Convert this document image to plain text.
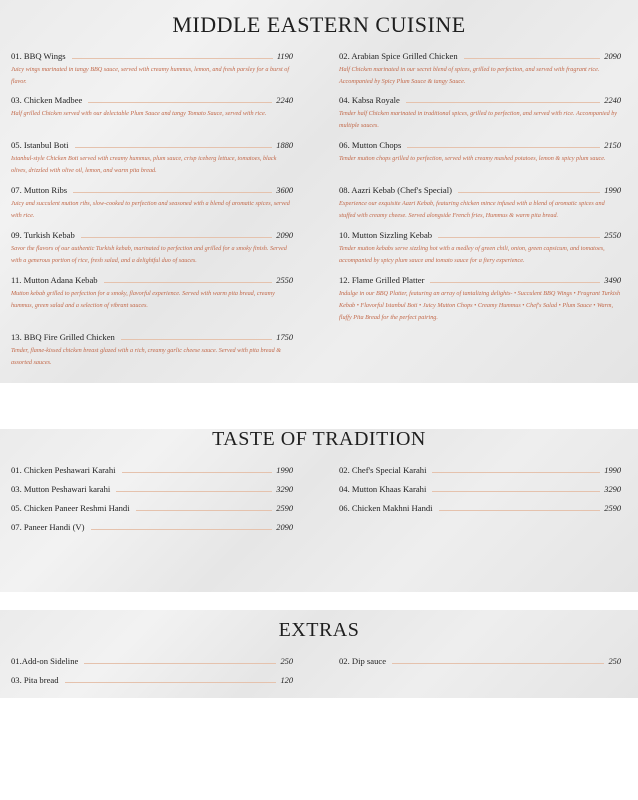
MIDDLE EASTERN CUISINE
01. BBQ Wings	1190
Juicy wings marinated in tangy BBQ sauce, served with creamy hummus, lemon, and fresh parsley for a burst of flavor.
03. Chicken Madbee	2240
Half grilled Chicken served with our delectable Plum Sauce and tangy Tomato Sauce, served with rice.
05. Istanbul Boti	1880
Istanbul-style Chicken Boti served with creamy hummus, plum sauce, crisp iceberg lettuce, tomatoes, black olives, drizzled with olive oil, lemon, and warm pita bread.
07. Mutton Ribs	3600
Juicy and succulent mutton ribs, slow-cooked to perfection and seasoned with a blend of aromatic spices, served with rice.
09. Turkish Kebab	2090
Savor the flavors of our authentic Turkish kebab, marinated to perfection and grilled for a smoky finish. Served with a generous portion of rice, fresh salad, and a delightful duo of sauces.
11. Mutton Adana Kebab	2550
Mutton kebab grilled to perfection for a smoky, flavorful experience. Served with warm pita bread, creamy hummus, green salad and a selection of vibrant sauces.
13. BBQ Fire Grilled Chicken	1750
Tender, flame-kissed chicken breast glazed with a rich, creamy garlic cheese sauce. Served with pita bread & assorted sauces.
02. Arabian Spice Grilled Chicken	2090
Half Chicken marinated in our secret blend of spices, grilled to perfection, and served with fragrant rice. Accompanied by Spicy Plum Sauce & tangy Sauce.
04. Kabsa Royale	2240
Tender half Chicken marinated in traditional spices, grilled to perfection, and served with rice. Accompanied by multiple sauces.
06. Mutton Chops	2150
Tender mutton chops grilled to perfection, served with creamy mashed potatoes, lemon & spicy plum sauce.
08. Aazri Kebab (Chef's Special)	1990
Experience our exquisite Aazri Kebab, featuring chicken mince infused with a blend of aromatic spices and stuffed with creamy cheese. Served alongside French fries, Hummus & warm pita bread.
10. Mutton Sizzling Kebab	2550
Tender mutton kebabs serve sizzling hot with a medley of green chili, onion, green capsicum, and tomatoes, accompanied by spicy plum sauce and tomato sauce for a fiery experience.
12. Flame Grilled Platter	3490
Indulge in our BBQ Platter, featuring an array of tantalizing delights- • Succulent BBQ Wings • Fragrant Turkish Kebab • Flavorful Istanbul Boti • Juicy Mutton Chops • Creamy Hummus • Chef's Salad • Plum Sauce • Warm, fluffy Pita Bread for the perfect pairing.
TASTE OF TRADITION
01. Chicken Peshawari Karahi	1990
03. Mutton Peshawari karahi	3290
05. Chicken Paneer Reshmi Handi	2590
07. Paneer Handi (V)	2090
02. Chef's Special Karahi	1990
04. Mutton Khaas Karahi	3290
06. Chicken Makhni Handi	2590
EXTRAS
01.Add-on Sideline	250
03. Pita bread	120
02. Dip sauce	250
